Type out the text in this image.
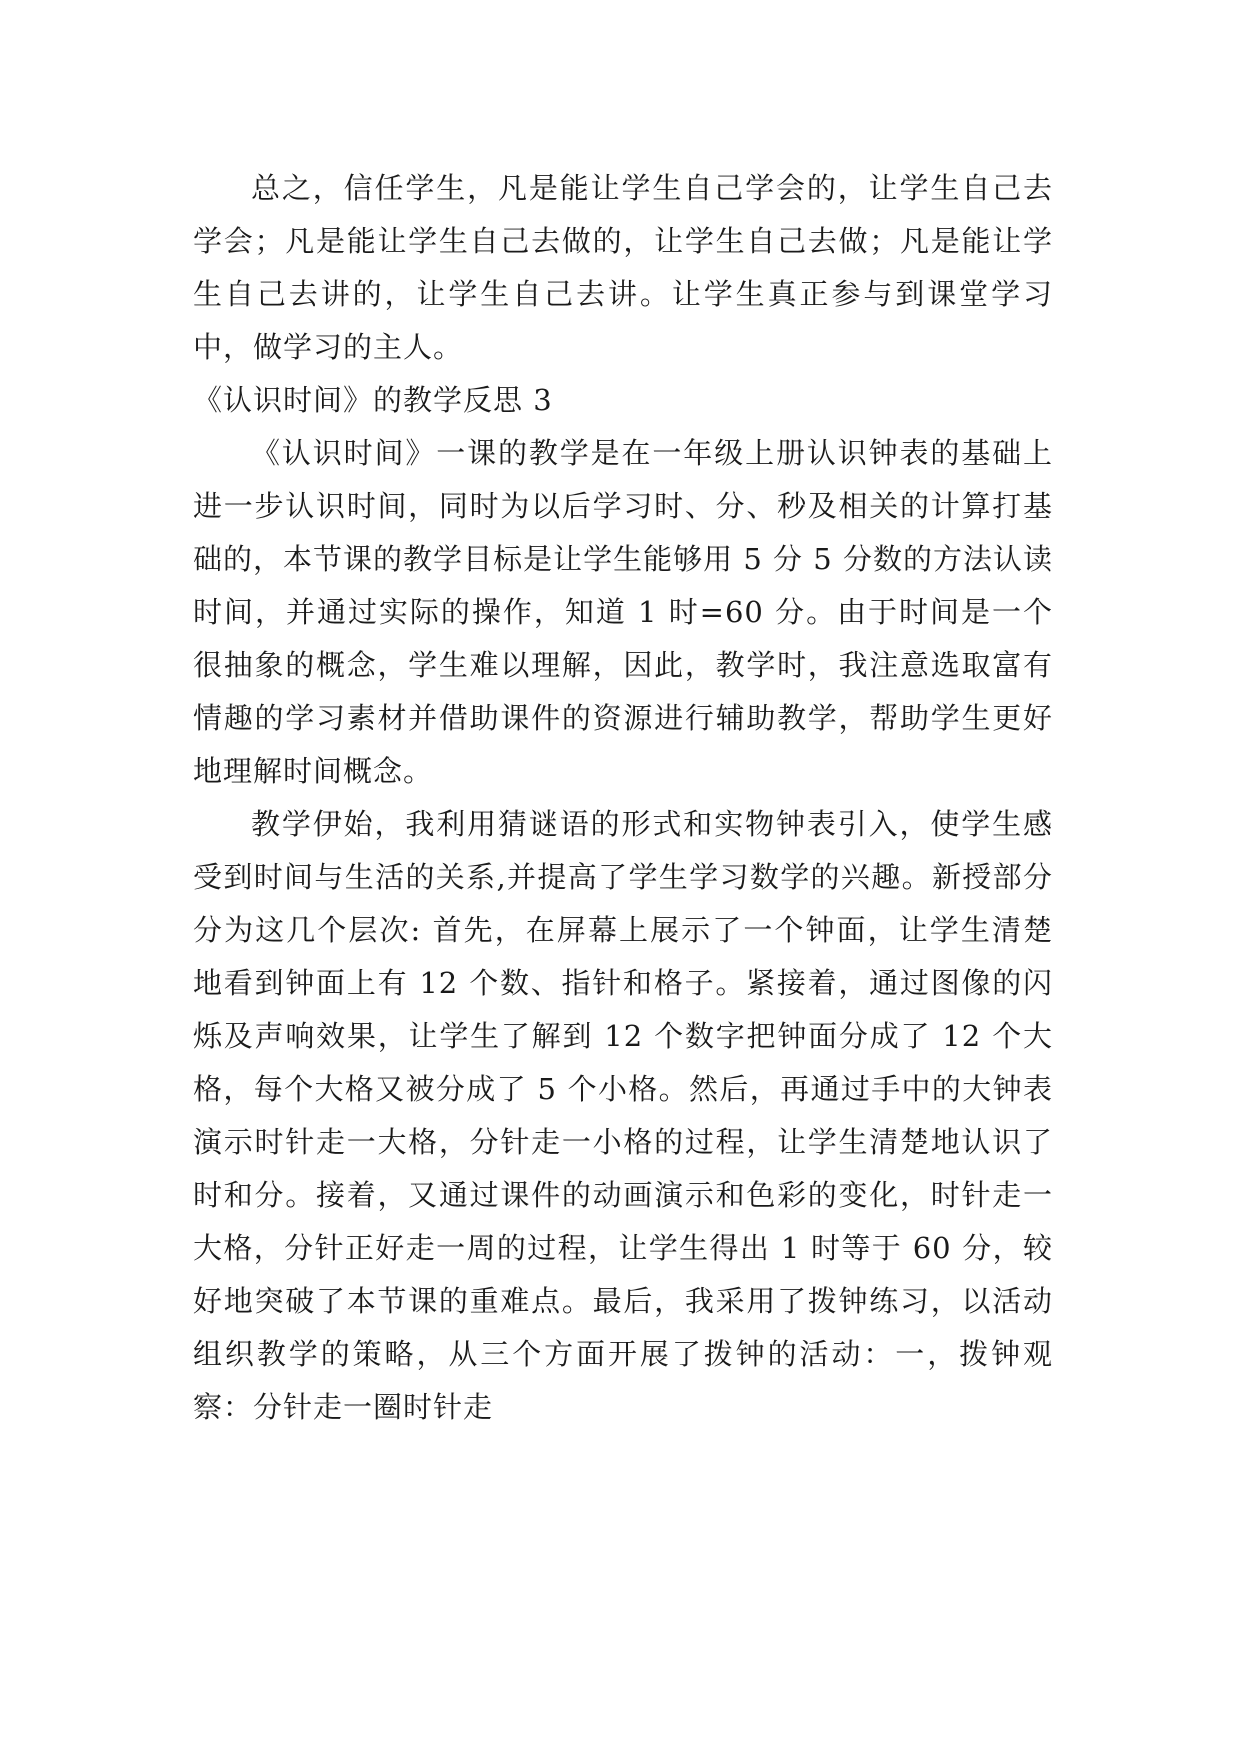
总之，信任学生，凡是能让学生自己学会的，让学生自己去学会；凡是能让学生自己去做的，让学生自己去做；凡是能让学生自己去讲的，让学生自己去讲。让学生真正参与到课堂学习中，做学习的主人。

《认识时间》的教学反思 3

《认识时间》一课的教学是在一年级上册认识钟表的基础上进一步认识时间，同时为以后学习时、分、秒及相关的计算打基础的，本节课的教学目标是让学生能够用 5 分 5 分数的方法认读时间，并通过实际的操作，知道 1 时=60 分。由于时间是一个很抽象的概念，学生难以理解，因此，教学时，我注意选取富有情趣的学习素材并借助课件的资源进行辅助教学，帮助学生更好地理解时间概念。

教学伊始，我利用猜谜语的形式和实物钟表引入，使学生感受到时间与生活的关系,并提高了学生学习数学的兴趣。新授部分分为这几个层次: 首先，在屏幕上展示了一个钟面，让学生清楚地看到钟面上有 12 个数、指针和格子。紧接着，通过图像的闪烁及声响效果，让学生了解到 12 个数字把钟面分成了 12 个大格，每个大格又被分成了 5 个小格。然后，再通过手中的大钟表演示时针走一大格，分针走一小格的过程，让学生清楚地认识了时和分。接着，又通过课件的动画演示和色彩的变化，时针走一大格，分针正好走一周的过程，让学生得出 1 时等于 60 分，较好地突破了本节课的重难点。最后，我采用了拨钟练习，以活动组织教学的策略，从三个方面开展了拨钟的活动：一，拨钟观察：分针走一圈时针走
